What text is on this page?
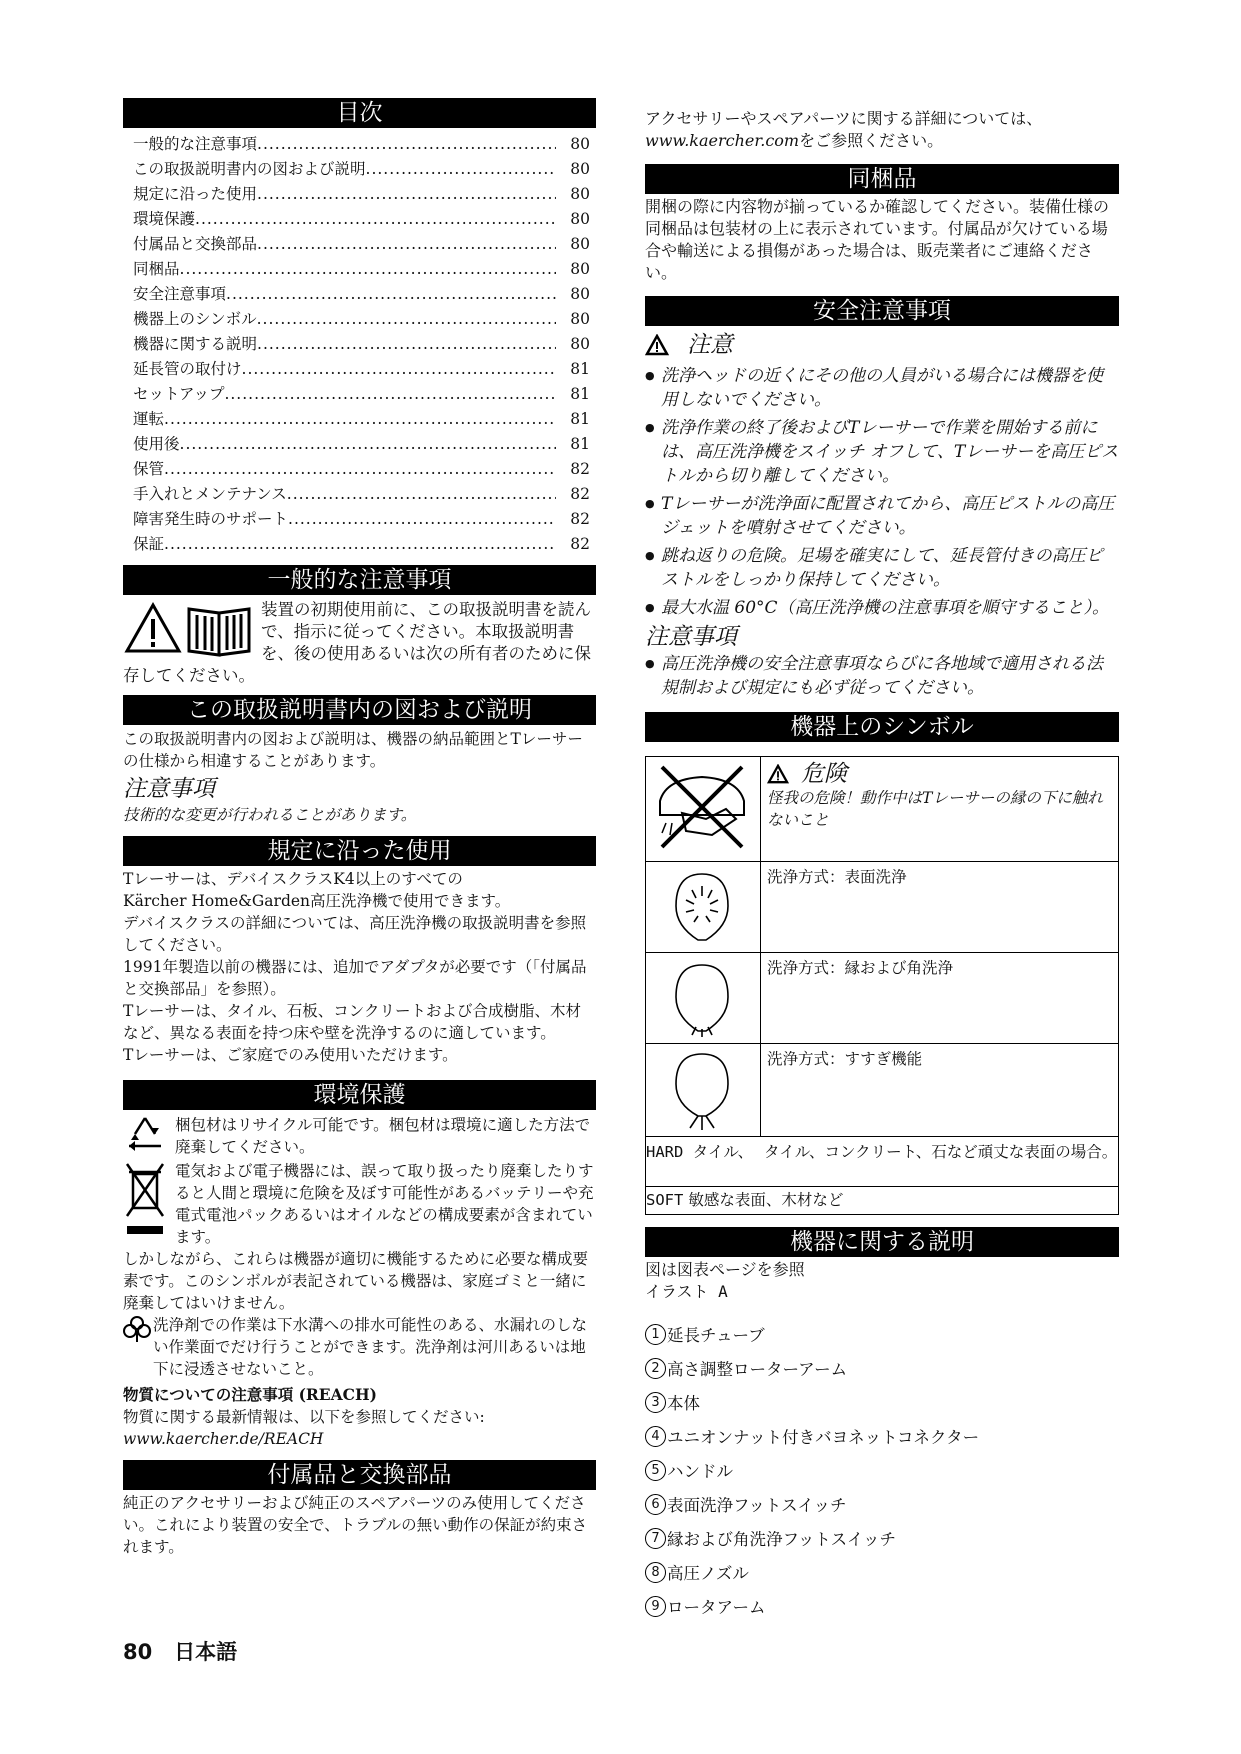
目次
一般的な注意事項 .....	80
この取扱説明書内の図および説明 .....	80
規定に沿った使用 .....	80
環境保護 .....	80
付属品と交換部品 .....	80
同梱品 .....	80
安全注意事項 .....	80
機器上のシンボル .....	80
機器に関する説明 .....	80
延長管の取付け .....	81
セットアップ .....	81
運転 .....	81
使用後 .....	81
保管 .....	82
手入れとメンテナンス .....	82
障害発生時のサポート .....	82
保証 .....	82
一般的な注意事項

装置の初期使用前に、この取扱説明書を読んで、指示に従ってください。本取扱説明書を、後の使用あるいは次の所有者のために保存してください。

この取扱説明書内の図および説明

この取扱説明書内の図および説明は、機器の納品範囲とTレーサーの仕様から相違することがあります。

注意事項

技術的な変更が行われることがあります。

規定に沿った使用

Tレーサーは、デバイスクラスK4以上のすべての

Kärcher Home&Garden高圧洗浄機で使用できます。

デバイスクラスの詳細については、高圧洗浄機の取扱説明書を参照してください。

1991年製造以前の機器には、追加でアダプタが必要です（「付属品と交換部品」を参照）。

Tレーサーは、タイル、石板、コンクリートおよび合成樹脂、木材など、異なる表面を持つ床や壁を洗浄するのに適しています。

Tレーサーは、ご家庭でのみ使用いただけます。

環境保護

梱包材はリサイクル可能です。梱包材は環境に適した方法で廃棄してください。

電気および電子機器には、誤って取り扱ったり廃棄したりすると人間と環境に危険を及ぼす可能性があるバッテリーや充電式電池パックあるいはオイルなどの構成要素が含まれています。

しかしながら、これらは機器が適切に機能するために必要な構成要素です。このシンボルが表記されている機器は、家庭ゴミと一緒に廃棄してはいけません。

洗浄剤での作業は下水溝への排水可能性のある、水漏れのしない作業面でだけ行うことができます。洗浄剤は河川あるいは地下に浸透させないこと。

物質についての注意事項 (REACH)

物質に関する最新情報は、以下を参照してください:

www.kaercher.de/REACH

付属品と交換部品

純正のアクセサリーおよび純正のスペアパーツのみ使用してください。これにより装置の安全で、トラブルの無い動作の保証が約束されます。

アクセサリーやスペアパーツに関する詳細については、www.kaercher.comをご参照ください。

同梱品

開梱の際に内容物が揃っているか確認してください。装備仕様の同梱品は包装材の上に表示されています。付属品が欠けている場合や輸送による損傷があった場合は、販売業者にご連絡ください。

安全注意事項
注意
● 洗浄ヘッドの近くにその他の人員がいる場合には機器を使用しないでください。
● 洗浄作業の終了後およびTレーサーで作業を開始する前には、高圧洗浄機をスイッチ オフして、Tレーサーを高圧ピストルから切り離してください。
● Tレーサーが洗浄面に配置されてから、高圧ピストルの高圧ジェットを噴射させてください。
● 跳ね返りの危険。足場を確実にして、延長管付きの高圧ピストルをしっかり保持してください。
● 最大水温 60°C（高圧洗浄機の注意事項を順守すること）。
注意事項
● 高圧洗浄機の安全注意事項ならびに各地域で適用される法規制および規定にも必ず従ってください。
機器上のシンボル

危険
怪我の危険！動作中はTレーサーの縁の下に触れないこと

	洗浄方式：表面洗浄
	洗浄方式：縁および角洗浄
	洗浄方式：すすぎ機能

HARD タイル、 タイル、コンクリート、石など頑丈な表面の場合。	

SOFT 敏感な表面、木材など	
機器に関する説明

図は図表ページを参照

イラスト A

1 延長チューブ
2 高さ調整ローターアーム
3 本体
4 ユニオンナット付きバヨネットコネクター
5 ハンドル
6 表面洗浄フットスイッチ
7 縁および角洗浄フットスイッチ
8 高圧ノズル
9 ロータアーム
80 日本語
